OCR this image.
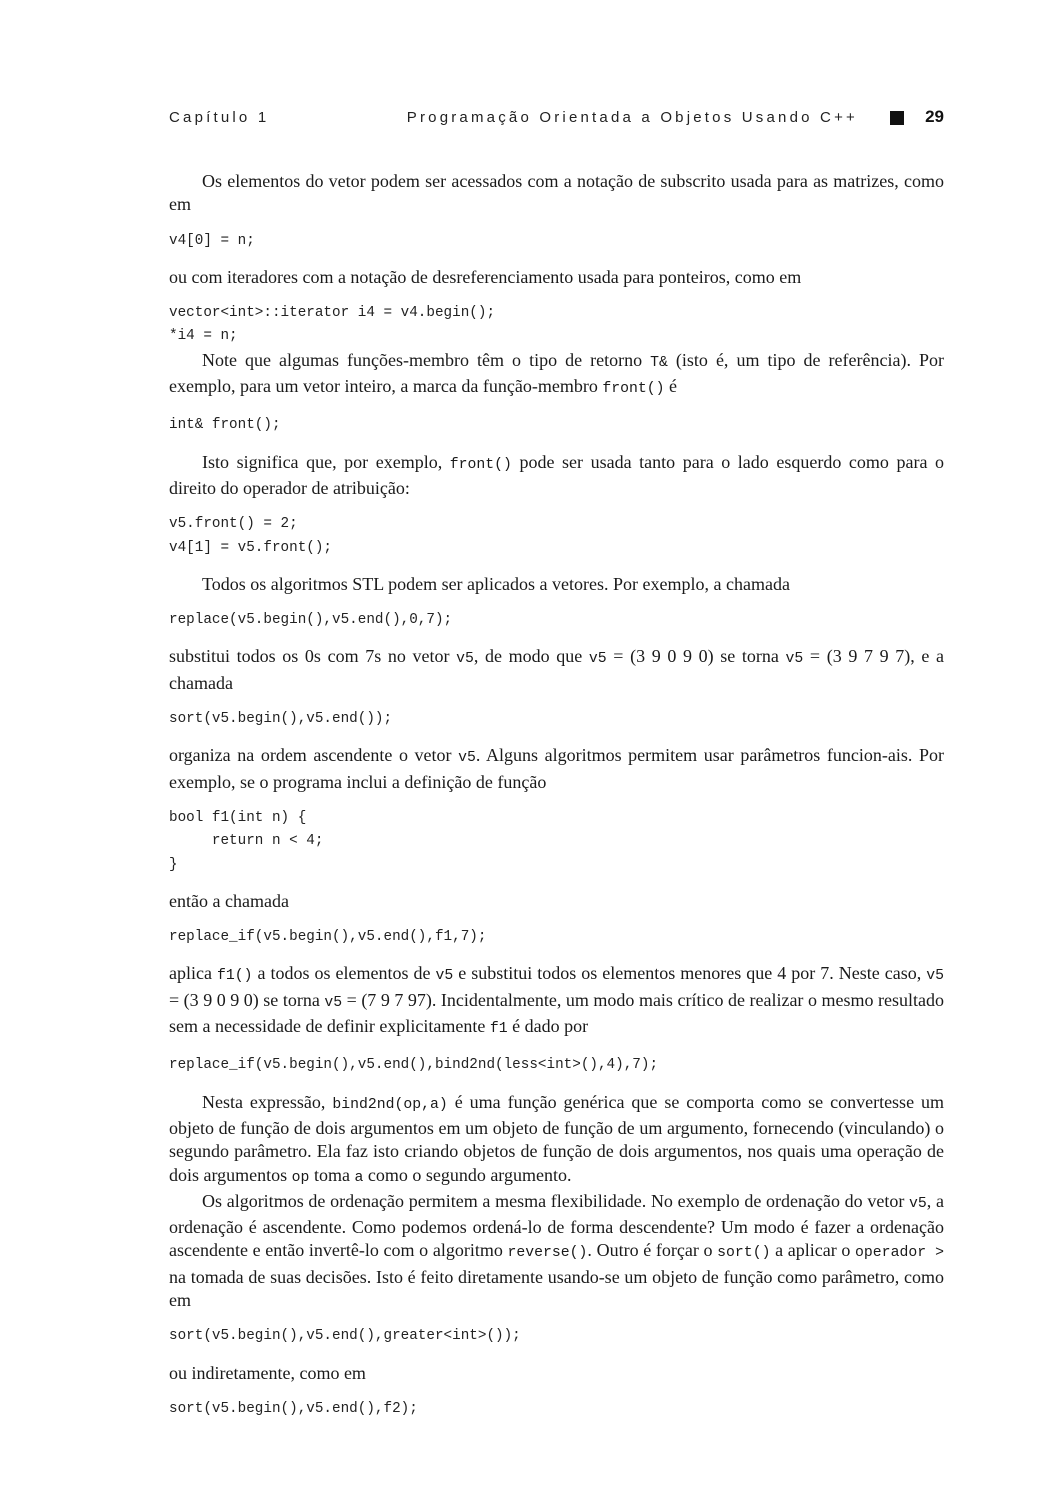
Capítulo 1	Programação Orientada a Objetos Usando C++	29

Os elementos do vetor podem ser acessados com a notação de subscrito usada para as matrizes, como em

v4[0] = n;

ou com iteradores com a notação de desreferenciamento usada para ponteiros, como em

vector<int>::iterator i4 = v4.begin();
*i4 = n;

Note que algumas funções-membro têm o tipo de retorno T& (isto é, um tipo de referência). Por exemplo, para um vetor inteiro, a marca da função-membro front() é

int& front();

Isto significa que, por exemplo, front() pode ser usada tanto para o lado esquerdo como para o direito do operador de atribuição:

v5.front() = 2;
v4[1] = v5.front();

Todos os algoritmos STL podem ser aplicados a vetores. Por exemplo, a chamada

replace(v5.begin(),v5.end(),0,7);

substitui todos os 0s com 7s no vetor v5, de modo que v5 = (3 9 0 9 0) se torna v5 = (3 9 7 9 7), e a chamada

sort(v5.begin(),v5.end());

organiza na ordem ascendente o vetor v5. Alguns algoritmos permitem usar parâmetros funcion-ais. Por exemplo, se o programa inclui a definição de função

bool f1(int n) {
return n < 4;
}

então a chamada

replace_if(v5.begin(),v5.end(),f1,7);

aplica f1() a todos os elementos de v5 e substitui todos os elementos menores que 4 por 7. Neste caso, v5 = (3 9 0 9 0) se torna v5 = (7 9 7 97). Incidentalmente, um modo mais crítico de realizar o mesmo resultado sem a necessidade de definir explicitamente f1 é dado por

replace_if(v5.begin(),v5.end(),bind2nd(less<int>(),4),7);

Nesta expressão, bind2nd(op,a) é uma função genérica que se comporta como se convertesse um objeto de função de dois argumentos em um objeto de função de um argumento, fornecendo (vinculando) o segundo parâmetro. Ela faz isto criando objetos de função de dois argumentos, nos quais uma operação de dois argumentos op toma a como o segundo argumento.

Os algoritmos de ordenação permitem a mesma flexibilidade. No exemplo de ordenação do vetor v5, a ordenação é ascendente. Como podemos ordená-lo de forma descendente? Um modo é fazer a ordenação ascendente e então invertê-lo com o algoritmo reverse(). Outro é forçar o sort() a aplicar o operador > na tomada de suas decisões. Isto é feito diretamente usando-se um objeto de função como parâmetro, como em

sort(v5.begin(),v5.end(),greater<int>());

ou indiretamente, como em

sort(v5.begin(),v5.end(),f2);
